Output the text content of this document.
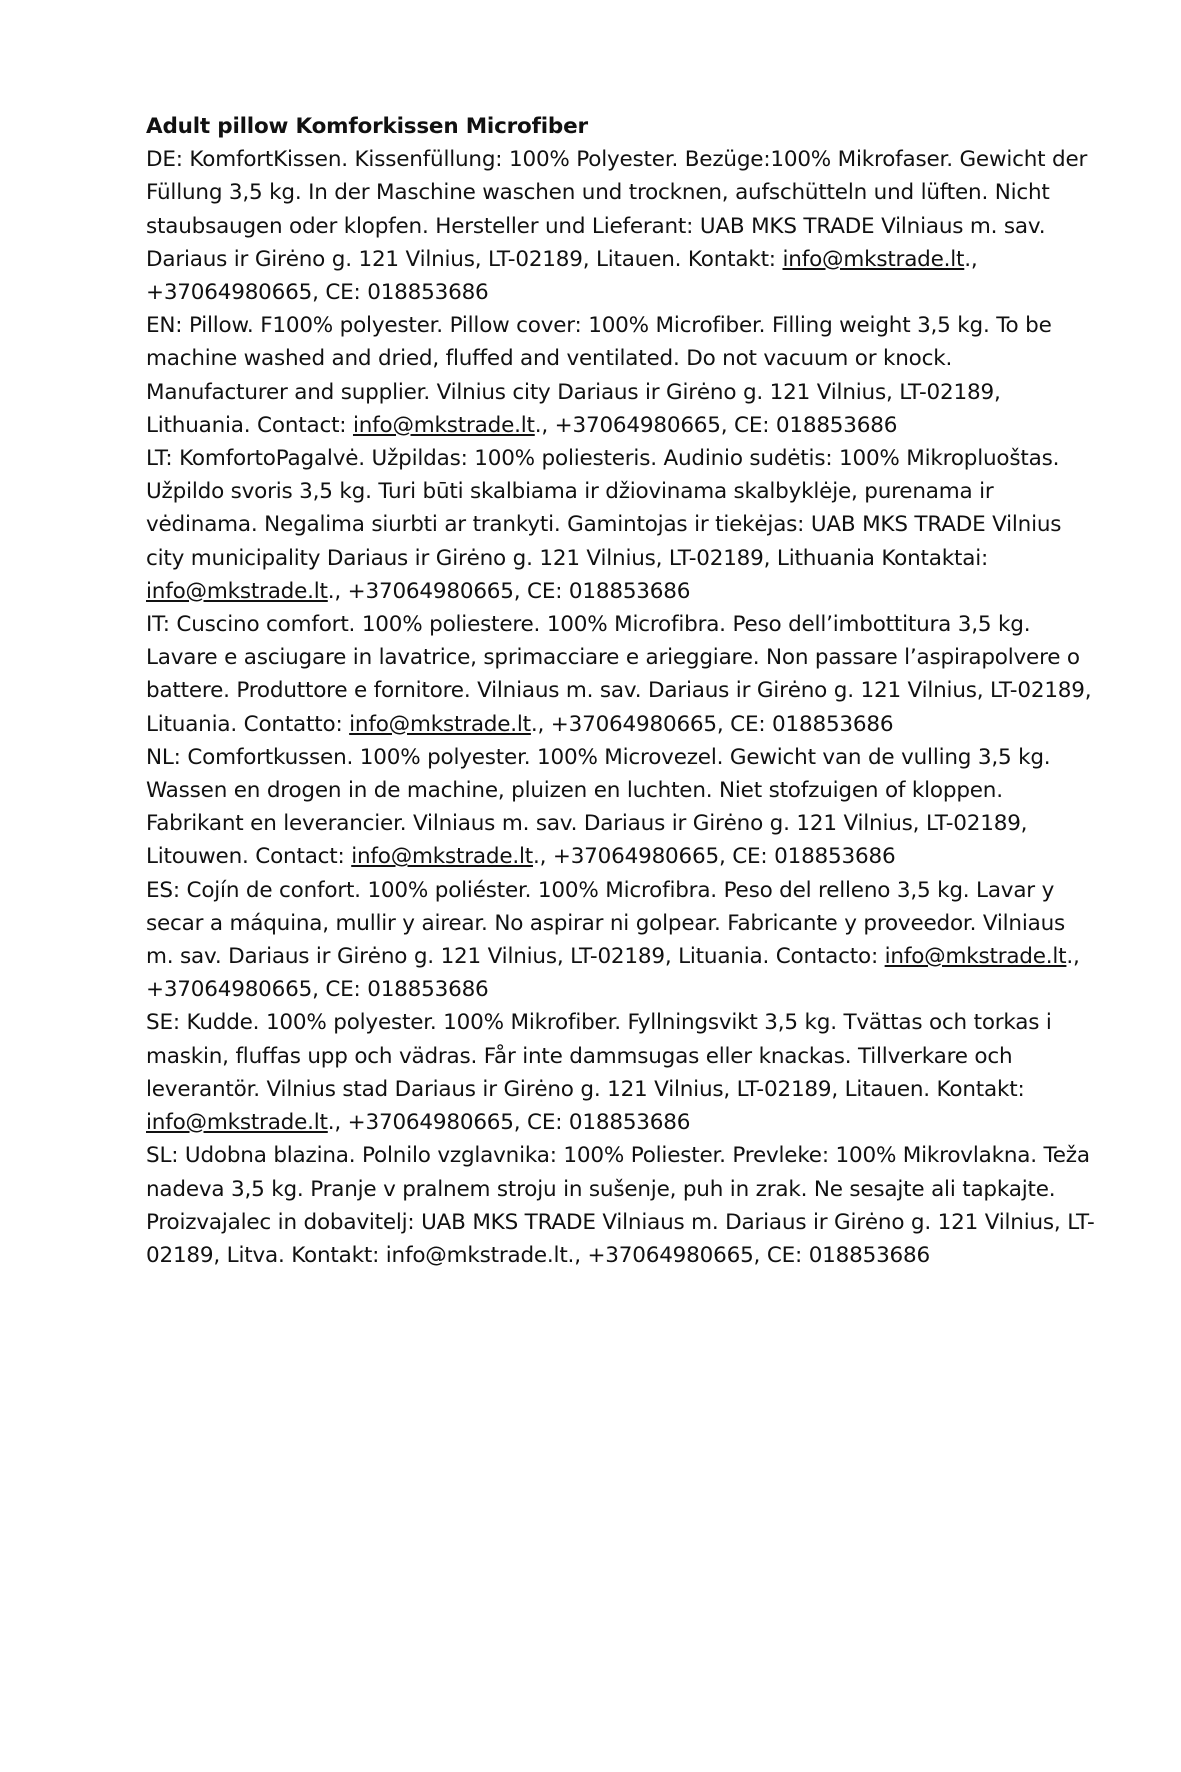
Adult pillow Komforkissen Microfiber

DE: KomfortKissen. Kissenfüllung: 100% Polyester. Bezüge:100% Mikrofaser. Gewicht der Füllung 3,5 kg. In der Maschine waschen und trocknen, aufschütteln und lüften. Nicht staubsaugen oder klopfen. Hersteller und Lieferant: UAB MKS TRADE Vilniaus m. sav. Dariaus ir Girėno g. 121 Vilnius, LT-02189, Litauen. Kontakt: info@mkstrade.lt., +37064980665, CE: 018853686

EN: Pillow. F100% polyester. Pillow cover: 100% Microfiber. Filling weight 3,5 kg. To be machine washed and dried, fluffed and ventilated. Do not vacuum or knock. Manufacturer and supplier. Vilnius city Dariaus ir Girėno g. 121 Vilnius, LT-02189, Lithuania. Contact: info@mkstrade.lt., +37064980665, CE: 018853686

LT: KomfortoPagalvė. Užpildas: 100% poliesteris. Audinio sudėtis: 100% Mikropluoštas. Užpildo svoris 3,5 kg. Turi būti skalbiama ir džiovinama skalbyklėje, purenama ir vėdinama. Negalima siurbti ar trankyti. Gamintojas ir tiekėjas: UAB MKS TRADE Vilnius city municipality Dariaus ir Girėno g. 121 Vilnius, LT-02189, Lithuania Kontaktai: info@mkstrade.lt., +37064980665, CE: 018853686

IT: Cuscino comfort. 100% poliestere. 100% Microfibra. Peso dell’imbottitura 3,5 kg. Lavare e asciugare in lavatrice, sprimacciare e arieggiare. Non passare l’aspirapolvere o battere. Produttore e fornitore. Vilniaus m. sav. Dariaus ir Girėno g. 121 Vilnius, LT-02189, Lituania. Contatto: info@mkstrade.lt., +37064980665, CE: 018853686

NL: Comfortkussen. 100% polyester. 100% Microvezel. Gewicht van de vulling 3,5 kg. Wassen en drogen in de machine, pluizen en luchten. Niet stofzuigen of kloppen. Fabrikant en leverancier. Vilniaus m. sav. Dariaus ir Girėno g. 121 Vilnius, LT-02189, Litouwen. Contact: info@mkstrade.lt., +37064980665, CE: 018853686

ES: Cojín de confort. 100% poliéster. 100% Microfibra. Peso del relleno 3,5 kg. Lavar y secar a máquina, mullir y airear. No aspirar ni golpear. Fabricante y proveedor. Vilniaus m. sav. Dariaus ir Girėno g. 121 Vilnius, LT-02189, Lituania. Contacto: info@mkstrade.lt., +37064980665, CE: 018853686

SE: Kudde. 100% polyester. 100% Mikrofiber. Fyllningsvikt 3,5 kg. Tvättas och torkas i maskin, fluffas upp och vädras. Får inte dammsugas eller knackas. Tillverkare och leverantör. Vilnius stad Dariaus ir Girėno g. 121 Vilnius, LT-02189, Litauen. Kontakt: info@mkstrade.lt., +37064980665, CE: 018853686

SL: Udobna blazina. Polnilo vzglavnika: 100% Poliester. Prevleke: 100% Mikrovlakna. Teža nadeva 3,5 kg. Pranje v pralnem stroju in sušenje, puh in zrak. Ne sesajte ali tapkajte. Proizvajalec in dobavitelj: UAB MKS TRADE Vilniaus m. Dariaus ir Girėno g. 121 Vilnius, LT-02189, Litva. Kontakt: info@mkstrade.lt., +37064980665, CE: 018853686
